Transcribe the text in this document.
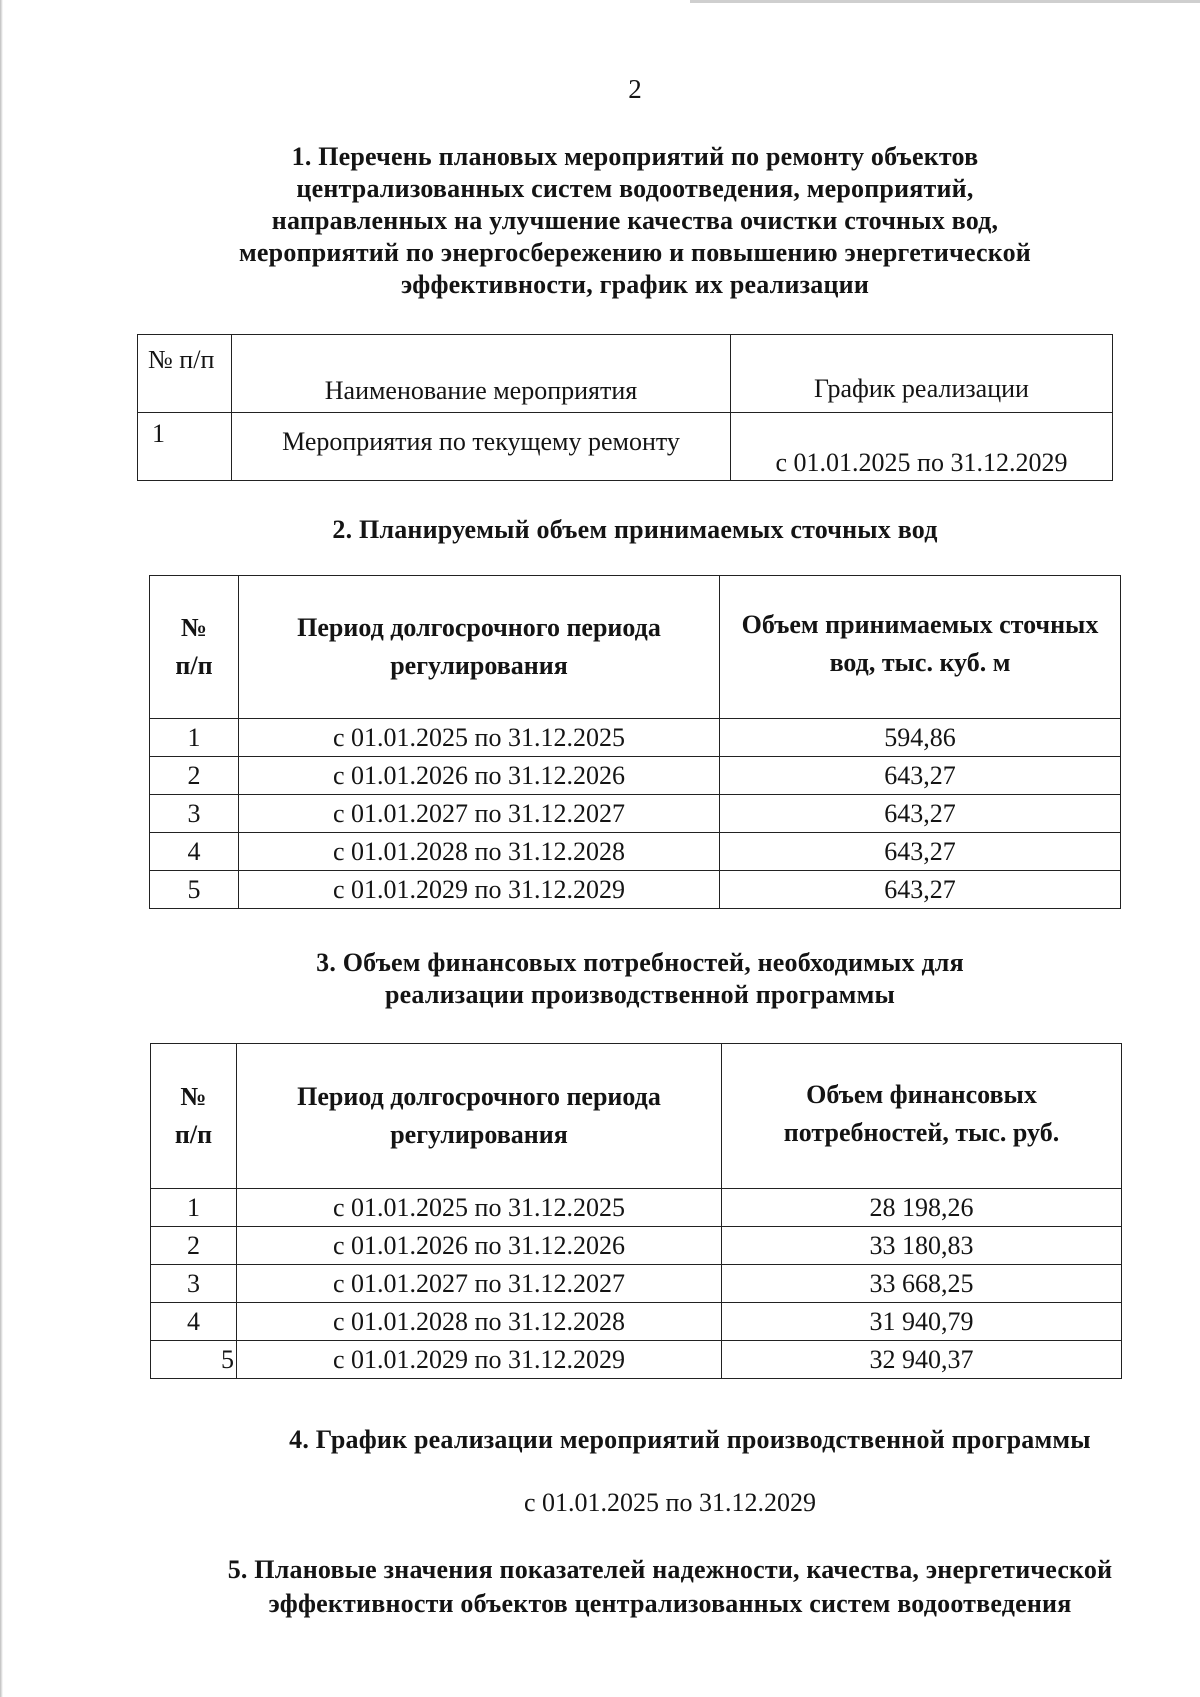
2
1. Перечень плановых мероприятий по ремонту объектов
централизованных систем водоотведения, мероприятий,
направленных на улучшение качества очистки сточных вод,
мероприятий по энергосбережению и повышению энергетической
эффективности, график их реализации
№ п/п	Наименование мероприятия	График реализации
1	Мероприятия по текущему ремонту	с 01.01.2025 по 31.12.2029
2. Планируемый объем принимаемых сточных вод
№
п/п	Период долгосрочного периода регулирования	Объем принимаемых сточных вод, тыс. куб. м
1	с 01.01.2025 по 31.12.2025	594,86
2	с 01.01.2026 по 31.12.2026	643,27
3	с 01.01.2027 по 31.12.2027	643,27
4	с 01.01.2028 по 31.12.2028	643,27
5	с 01.01.2029 по 31.12.2029	643,27
3. Объем финансовых потребностей, необходимых для
реализации производственной программы
№
п/п	Период долгосрочного периода регулирования	Объем финансовых потребностей, тыс. руб.
1	с 01.01.2025 по 31.12.2025	28 198,26
2	с 01.01.2026 по 31.12.2026	33 180,83
3	с 01.01.2027 по 31.12.2027	33 668,25
4	с 01.01.2028 по 31.12.2028	31 940,79
5	с 01.01.2029 по 31.12.2029	32 940,37
4. График реализации мероприятий производственной программы
с 01.01.2025 по 31.12.2029
5. Плановые значения показателей надежности, качества, энергетической
эффективности объектов централизованных систем водоотведения
